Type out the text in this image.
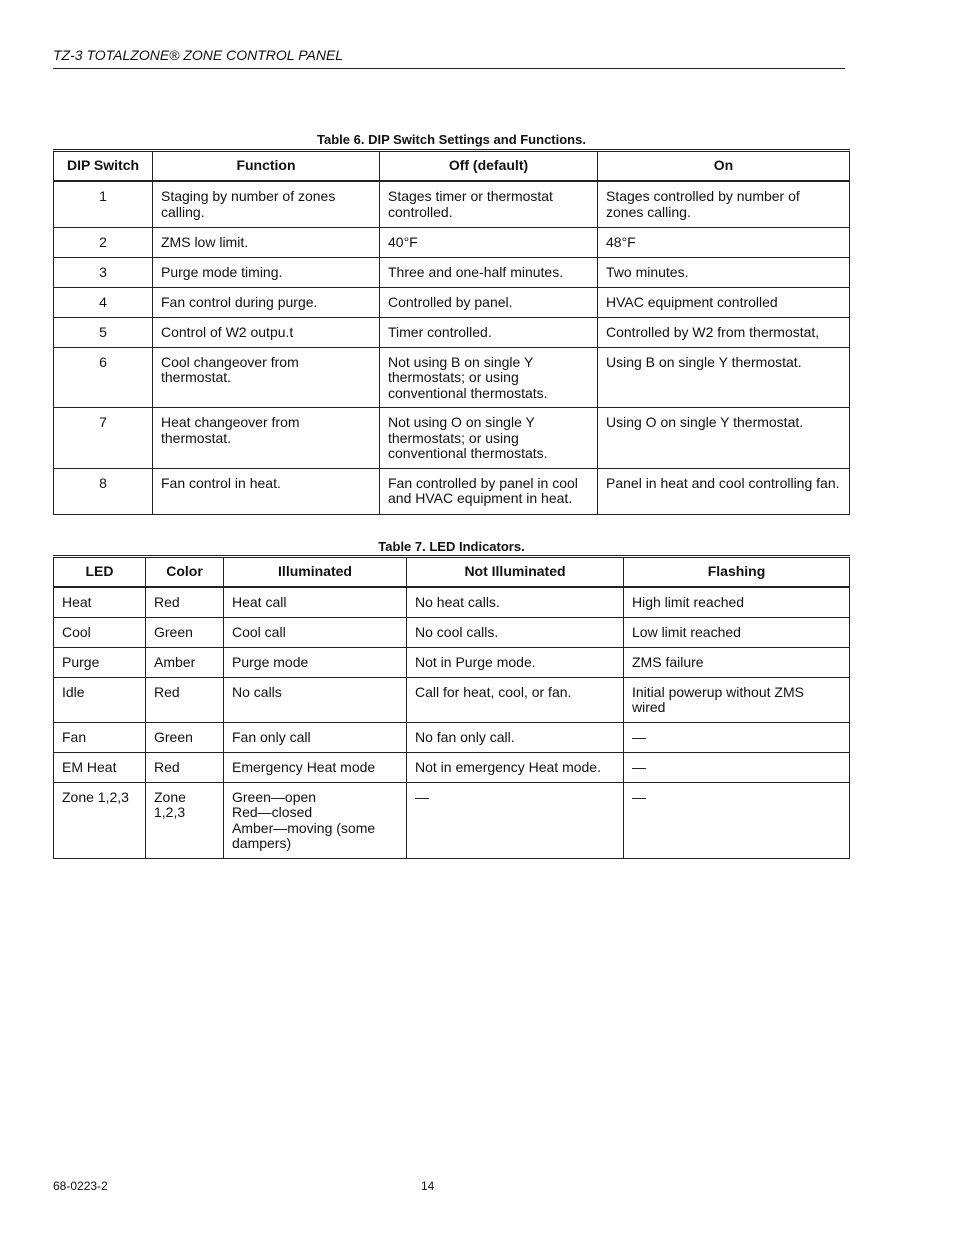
TZ-3 TOTALZONE® ZONE CONTROL PANEL
Table 6. DIP Switch Settings and Functions.
DIP Switch	Function	Off (default)	On
1	Staging by number of zones calling.	Stages timer or thermostat controlled.	Stages controlled by number of zones calling.
2	ZMS low limit.	40°F	48°F
3	Purge mode timing.	Three and one-half minutes.	Two minutes.
4	Fan control during purge.	Controlled by panel.	HVAC equipment controlled
5	Control of W2 outpu.t	Timer controlled.	Controlled by W2 from thermostat,
6	Cool changeover from thermostat.	Not using B on single Y thermostats; or using conventional thermostats.	Using B on single Y thermostat.
7	Heat changeover from thermostat.	Not using O on single Y thermostats; or using conventional thermostats.	Using O on single Y thermostat.
8	Fan control in heat.	Fan controlled by panel in cool and HVAC equipment in heat.	Panel in heat and cool controlling fan.
Table 7. LED Indicators.
LED	Color	Illuminated	Not Illuminated	Flashing
Heat	Red	Heat call	No heat calls.	High limit reached
Cool	Green	Cool call	No cool calls.	Low limit reached
Purge	Amber	Purge mode	Not in Purge mode.	ZMS failure
Idle	Red	No calls	Call for heat, cool, or fan.	Initial powerup without ZMS wired
Fan	Green	Fan only call	No fan only call.	—
EM Heat	Red	Emergency Heat mode	Not in emergency Heat mode.	—
Zone 1,2,3	Zone 1,2,3	Green—open
Red—closed
Amber—moving (some dampers)	—	—
68-0223-2	14
